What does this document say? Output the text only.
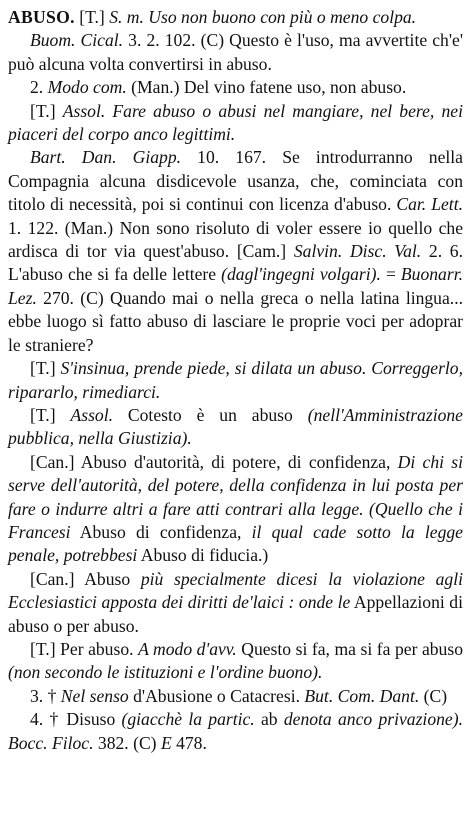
ABUSO. [T.] S. m. Uso non buono con più o meno colpa.

Buom. Cical. 3. 2. 102. (C) Questo è l'uso, ma avvertite ch'e' può alcuna volta convertirsi in abuso.

2. Modo com. (Man.) Del vino fatene uso, non abuso.

[T.] Assol. Fare abuso o abusi nel mangiare, nel bere, nei piaceri del corpo anco legittimi.

Bart. Dan. Giapp. 10. 167. Se introdurranno nella Compagnia alcuna disdicevole usanza, che, cominciata con titolo di necessità, poi si continui con licenza d'abuso. Car. Lett. 1. 122. (Man.) Non sono risoluto di voler essere io quello che ardisca di tor via quest'abuso. [Cam.] Salvin. Disc. Val. 2. 6. L'abuso che si fa delle lettere (dagl'ingegni volgari). = Buonarr. Lez. 270. (C) Quando mai o nella greca o nella latina lingua... ebbe luogo sì fatto abuso di lasciare le proprie voci per adoprar le straniere?

[T.] S'insinua, prende piede, si dilata un abuso. Correggerlo, ripararlo, rimediarci.

[T.] Assol. Cotesto è un abuso (nell'Amministrazione pubblica, nella Giustizia).

[Can.] Abuso d'autorità, di potere, di confidenza, Di chi si serve dell'autorità, del potere, della confidenza in lui posta per fare o indurre altri a fare atti contrari alla legge. (Quello che i Francesi Abuso di confidenza, il qual cade sotto la legge penale, potrebbesi Abuso di fiducia.)

[Can.] Abuso più specialmente dicesi la violazione agli Ecclesiastici apposta dei diritti de'laici : onde le Appellazioni di abuso o per abuso.

[T.] Per abuso. A modo d'avv. Questo si fa, ma si fa per abuso (non secondo le istituzioni e l'ordine buono).

3. † Nel senso d'Abusione o Catacresi. But. Com. Dant. (C)

4. † Disuso (giacchè la partic. ab denota anco privazione). Bocc. Filoc. 382. (C) E 478.
